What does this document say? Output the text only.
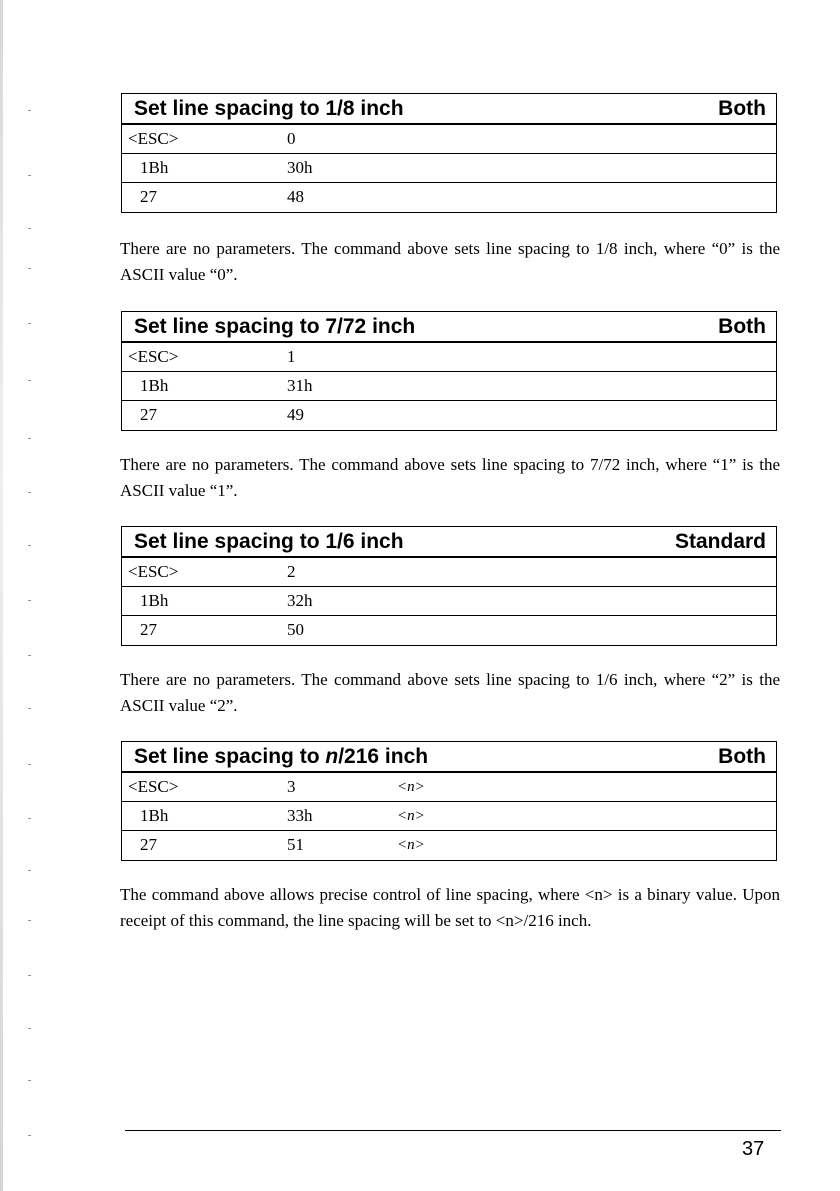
Set line spacing to 1/8 inch	Both
<ESC>	0
1Bh	30h
27	48
There are no parameters. The command above sets line spacing to 1/8 inch, where “0” is the ASCII value “0”.
Set line spacing to 7/72 inch	Both
<ESC>	1
1Bh	31h
27	49
There are no parameters. The command above sets line spacing to 7/72 inch, where “1” is the ASCII value “1”.
Set line spacing to 1/6 inch	Standard
<ESC>	2
1Bh	32h
27	50
There are no parameters. The command above sets line spacing to 1/6 inch, where “2” is the ASCII value “2”.
Set line spacing to n/216 inch	Both
<ESC>	3	<n>
1Bh	33h	<n>
27	51	<n>
The command above allows precise control of line spacing, where <n> is a binary value. Upon receipt of this command, the line spacing will be set to <n>/216 inch.
37
